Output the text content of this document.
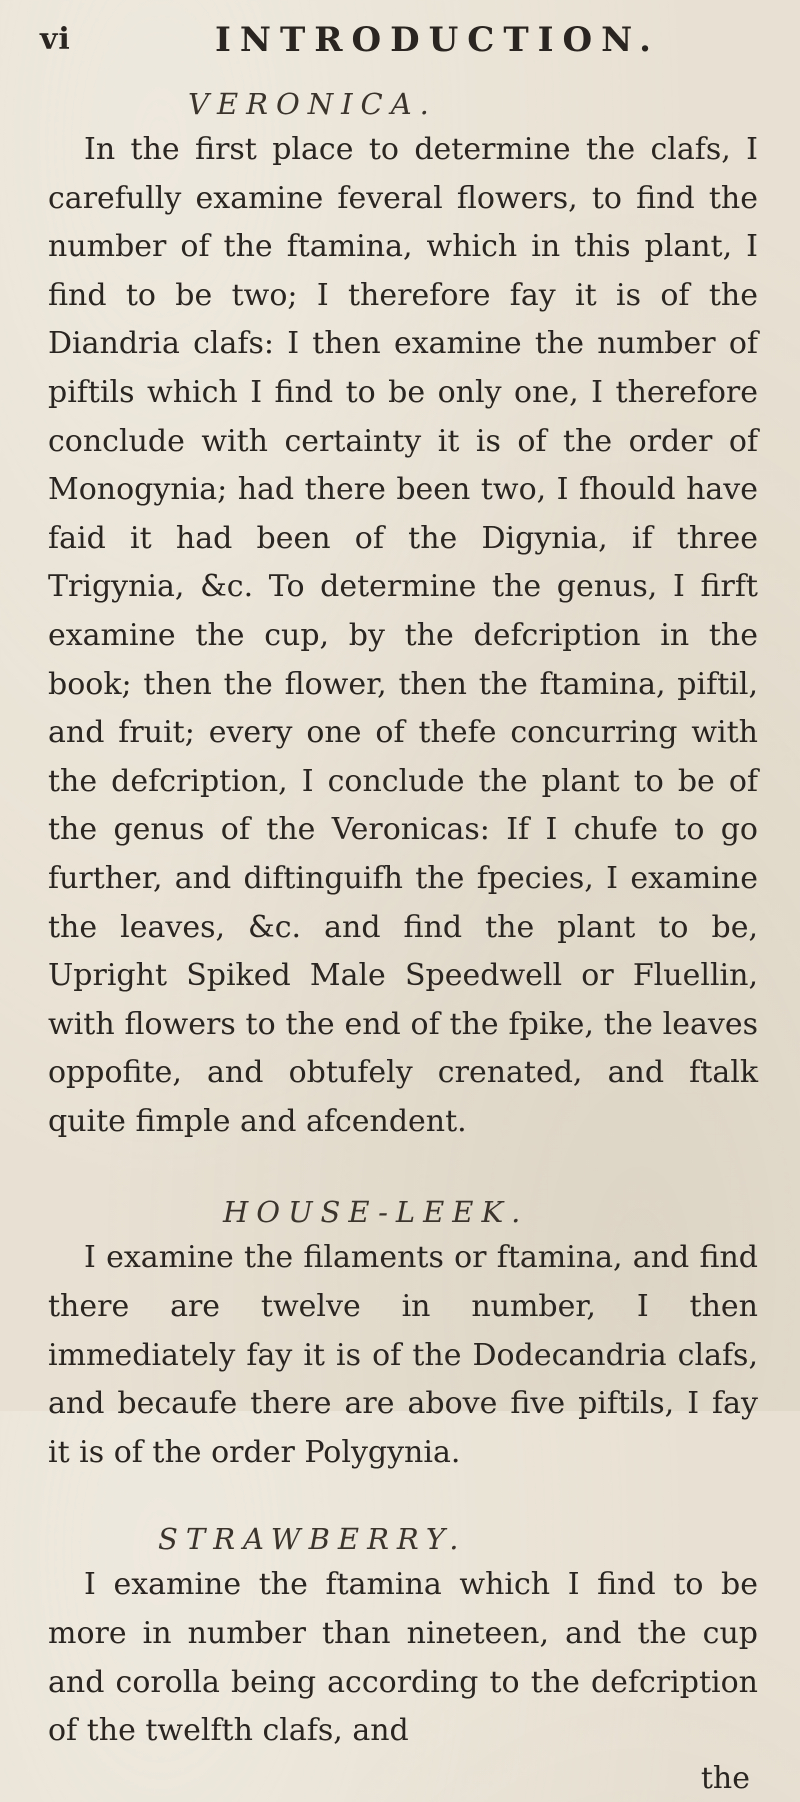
vi	INTRODUCTION.

VERONICA.

In the first place to determine the clafs, I carefully examine feveral flowers, to find the number of the ftamina, which in this plant, I find to be two; I therefore fay it is of the Diandria clafs: I then examine the number of piftils which I find to be only one, I therefore conclude with certainty it is of the order of Monogynia; had there been two, I fhould have faid it had been of the Digynia, if three Trigynia, &c. To determine the genus, I firft examine the cup, by the defcription in the book; then the flower, then the ftamina, piftil, and fruit; every one of thefe concurring with the defcription, I conclude the plant to be of the genus of the Veronicas: If I chufe to go further, and diftinguifh the fpecies, I examine the leaves, &c. and find the plant to be, Upright Spiked Male Speedwell or Fluellin, with flowers to the end of the fpike, the leaves oppofite, and obtufely crenated, and ftalk quite fimple and afcendent.

HOUSE-LEEK.

I examine the filaments or ftamina, and find there are twelve in number, I then immediately fay it is of the Dodecandria clafs, and becaufe there are above five piftils, I fay it is of the order Polygynia.

STRAWBERRY.

I examine the ftamina which I find to be more in number than nineteen, and the cup and corolla being according to the defcription of the twelfth clafs, and

the
